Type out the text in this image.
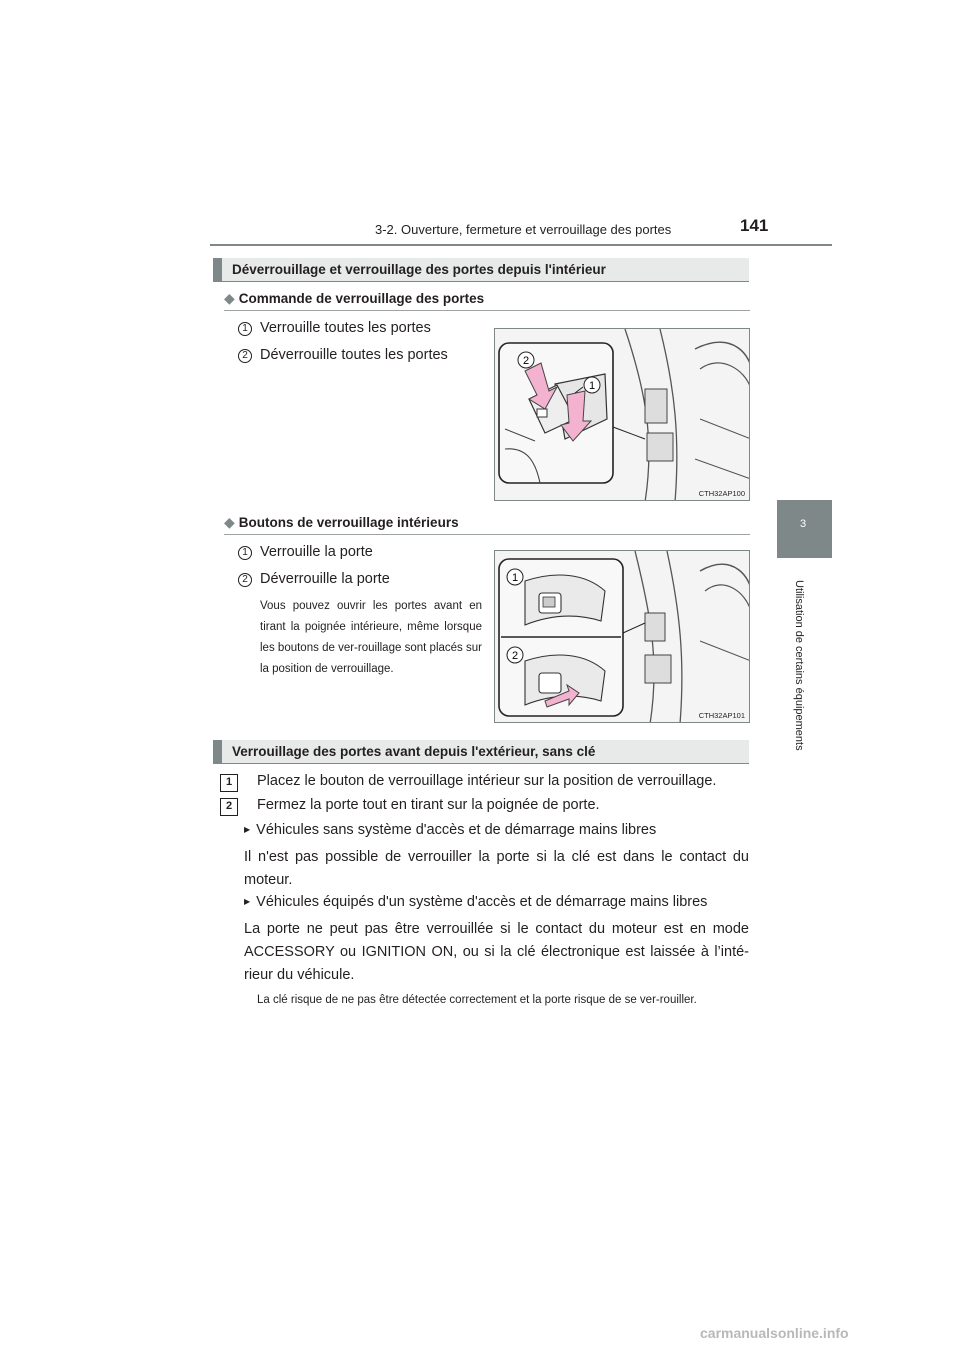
3-2. Ouverture, fermeture et verrouillage des portes	141
3
Utilisation de certains équipements
Déverrouillage et verrouillage des portes depuis l'intérieur
◆ Commande de verrouillage des portes
1 Verrouille toutes les portes
2 Déverrouille toutes les portes	2
1
CTH32AP100
◆ Boutons de verrouillage intérieurs
1 Verrouille la porte
2 Déverrouille la porte
Vous pouvez ouvrir les portes avant en tirant la poignée intérieure, même lorsque les boutons de ver-rouillage sont placés sur la position de verrouillage.
1
2
CTH32AP101
Verrouillage des portes avant depuis l'extérieur, sans clé
1	Placez le bouton de verrouillage intérieur sur la position de verrouillage.
2	Fermez la porte tout en tirant sur la poignée de porte.
▶ Véhicules sans système d'accès et de démarrage mains libres
Il n'est pas possible de verrouiller la porte si la clé est dans le contact du moteur.
▶ Véhicules équipés d'un système d'accès et de démarrage mains libres
La porte ne peut pas être verrouillée si le contact du moteur est en mode ACCESSORY ou IGNITION ON, ou si la clé électronique est laissée à l’inté-rieur du véhicule.
La clé risque de ne pas être détectée correctement et la porte risque de se ver-rouiller.
carmanualsonline.info
